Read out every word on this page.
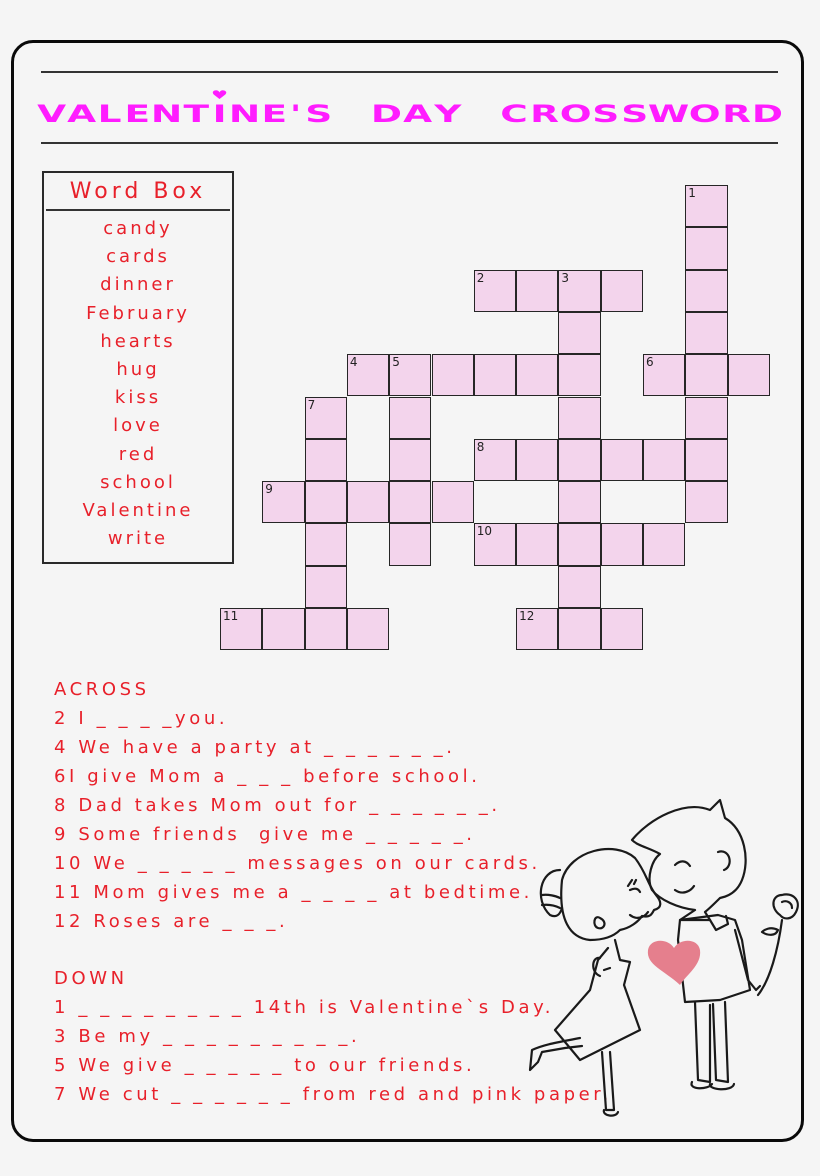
V A L E N T ♥ I N E ' S D A Y C R O S S W O R D
Word Box
candy
cards
dinner
February
hearts
hug
kiss
love
red
school
Valentine
write
1
2	3
4	5	6
7
8
9
10
11	12
ACROSS
2 I _ _ _ _you.
4 We have a party at _ _ _ _ _ _.
6I give Mom a _ _ _ before school.
8 Dad takes Mom out for _ _ _ _ _ _.
9 Some friends  give me _ _ _ _ _.
10 We _ _ _ _ _ messages on our cards.
11 Mom gives me a _ _ _ _ at bedtime.
12 Roses are _ _ _.
DOWN
1 _ _ _ _ _ _ _ _ 14th is Valentine`s Day.
3 Be my _ _ _ _ _ _ _ _ _.
5 We give _ _ _ _ _ to our friends.
7 We cut _ _ _ _ _ _ from red and pink paper.
